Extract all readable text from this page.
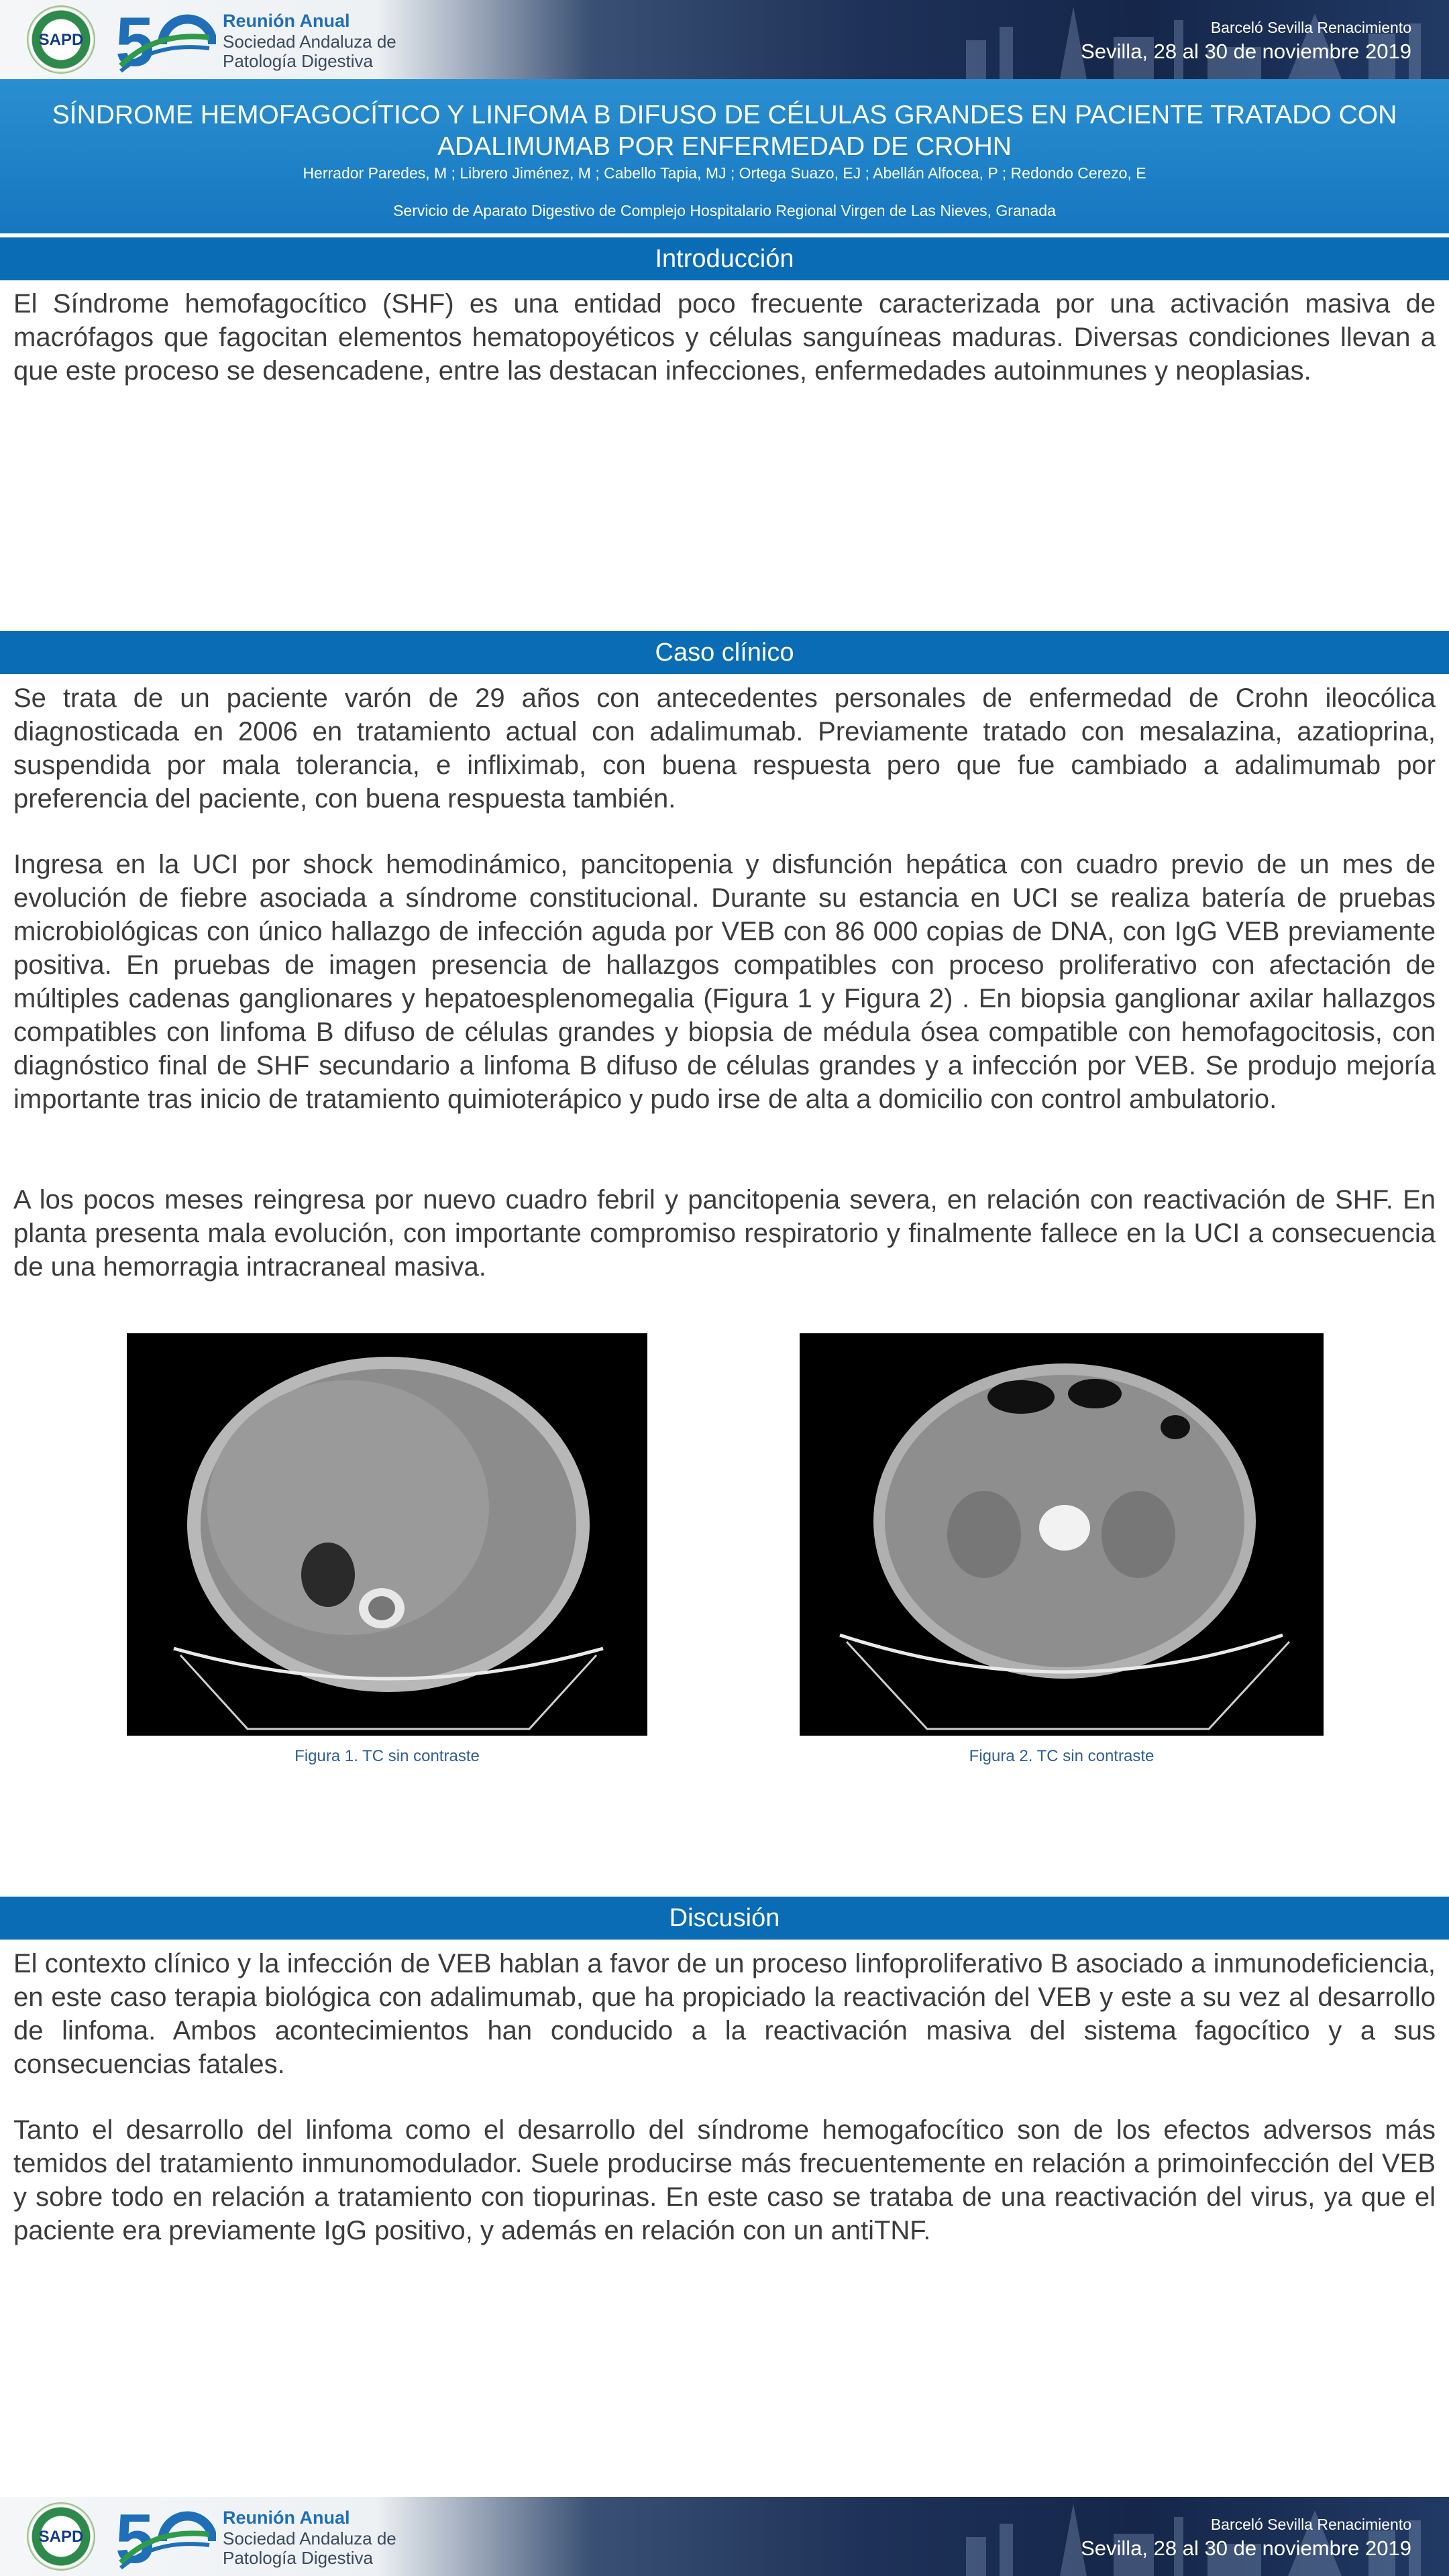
SAPD 5	Reunión Anual
Sociedad Andaluza de
Patología Digestiva
Barceló Sevilla Renacimiento
Sevilla, 28 al 30 de noviembre 2019
SÍNDROME HEMOFAGOCÍTICO Y LINFOMA B DIFUSO DE CÉLULAS GRANDES EN PACIENTE TRATADO CON ADALIMUMAB POR ENFERMEDAD DE CROHN
Herrador Paredes, M ; Librero Jiménez, M ; Cabello Tapia, MJ ; Ortega Suazo, EJ ; Abellán Alfocea, P ; Redondo Cerezo, E
Servicio de Aparato Digestivo de Complejo Hospitalario Regional Virgen de Las Nieves, Granada
Introducción

El Síndrome hemofagocítico (SHF) es una entidad poco frecuente caracterizada por una activación masiva de macrófagos que fagocitan elementos hematopoyéticos y células sanguíneas maduras. Diversas condiciones llevan a que este proceso se desencadene, entre las destacan infecciones, enfermedades autoinmunes y neoplasias.

Caso clínico

Se trata de un paciente varón de 29 años con antecedentes personales de enfermedad de Crohn ileocólica diagnosticada en 2006 en tratamiento actual con adalimumab. Previamente tratado con mesalazina, azatioprina, suspendida por mala tolerancia, e infliximab, con buena respuesta pero que fue cambiado a adalimumab por preferencia del paciente, con buena respuesta también.

Ingresa en la UCI por shock hemodinámico, pancitopenia y disfunción hepática con cuadro previo de un mes de evolución de fiebre asociada a síndrome constitucional. Durante su estancia en UCI se realiza batería de pruebas microbiológicas con único hallazgo de infección aguda por VEB con 86 000 copias de DNA, con IgG VEB previamente positiva. En pruebas de imagen presencia de hallazgos compatibles con proceso proliferativo con afectación de múltiples cadenas ganglionares y hepatoesplenomegalia (Figura 1 y Figura 2) . En biopsia ganglionar axilar hallazgos compatibles con linfoma B difuso de células grandes y biopsia de médula ósea compatible con hemofagocitosis, con diagnóstico final de SHF secundario a linfoma B difuso de células grandes y a infección por VEB. Se produjo mejoría importante tras inicio de tratamiento quimioterápico y pudo irse de alta a domicilio con control ambulatorio.

A los pocos meses reingresa por nuevo cuadro febril y pancitopenia severa, en relación con reactivación de SHF. En planta presenta mala evolución, con importante compromiso respiratorio y finalmente fallece en la UCI a consecuencia de una hemorragia intracraneal masiva.

Figura 1. TC sin contraste	Figura 2. TC sin contraste
Discusión

El contexto clínico y la infección de VEB hablan a favor de un proceso linfoproliferativo B asociado a inmunodeficiencia, en este caso terapia biológica con adalimumab, que ha propiciado la reactivación del VEB y este a su vez al desarrollo de linfoma. Ambos acontecimientos han conducido a la reactivación masiva del sistema fagocítico y a sus consecuencias fatales.

Tanto el desarrollo del linfoma como el desarrollo del síndrome hemogafocítico son de los efectos adversos más temidos del tratamiento inmunomodulador. Suele producirse más frecuentemente en relación a primoinfección del VEB y sobre todo en relación a tratamiento con tiopurinas. En este caso se trataba de una reactivación del virus, ya que el paciente era previamente IgG positivo, y además en relación con un antiTNF.

SAPD 5	Reunión Anual
Sociedad Andaluza de
Patología Digestiva
Barceló Sevilla Renacimiento
Sevilla, 28 al 30 de noviembre 2019
